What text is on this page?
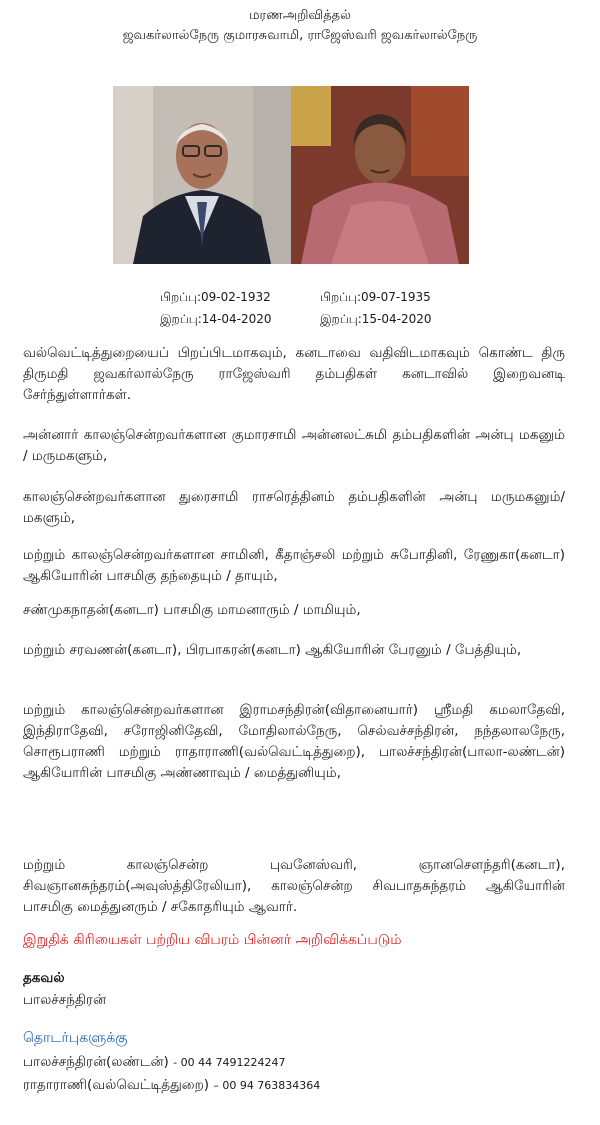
மரணஅறிவித்தல்
ஜவகர்லால்நேரு குமாரசுவாமி, ராஜேஸ்வரி ஜவகர்லால்நேரு
பிறப்பு:09-02-1932
இறப்பு:14-04-2020
பிறப்பு:09-07-1935
இறப்பு:15-04-2020
வல்வெட்டித்துறையைப் பிறப்பிடமாகவும், கனடாவை வதிவிடமாகவும் கொண்ட திரு திருமதி ஜவகர்லால்நேரு ராஜேஸ்வரி தம்பதிகள் கனடாவில் இறைவனடி சேர்ந்துள்ளார்கள்.
அன்னார் காலஞ்சென்றவர்களான குமாரசாமி அன்னலட்சுமி தம்பதிகளின் அன்பு மகனும் / மருமகளும்,
காலஞ்சென்றவர்களான துரைசாமி ராசரெத்தினம் தம்பதிகளின் அன்பு மருமகனும்/ மகளும்,
மற்றும் காலஞ்சென்றவர்களான சாமினி, கீதாஞ்சலி மற்றும் சுபோதினி, ரேணுகா(கனடா) ஆகியோரின் பாசமிகு தந்தையும் / தாயும்,
சண்முகநாதன்(கனடா) பாசமிகு மாமனாரும் / மாமியும்,
மற்றும் சரவணன்(கனடா), பிரபாகரன்(கனடா) ஆகியோரின் பேரனும் / பேத்தியும்,
மற்றும் காலஞ்சென்றவர்களான இராமசந்திரன்(விதானையார்) ஸ்ரீமதி கமலாதேவி, இந்திராதேவி, சரோஜினிதேவி, மோதிலால்நேரு, செல்வச்சந்திரன், நந்தலாலநேரு, சொரூபராணி மற்றும் ராதாராணி(வல்வெட்டித்துறை), பாலச்சந்திரன்(பாலா-லண்டன்) ஆகியோரின் பாசமிகு அண்ணாவும் / மைத்துனியும்,
மற்றும் காலஞ்சென்ற புவனேஸ்வரி, ஞானசௌந்தரி(கனடா), சிவஞானசுந்தரம்(அவுஸ்த்திரேலியா), காலஞ்சென்ற சிவபாதசுந்தரம் ஆகியோரின் பாசமிகு மைத்துனரும் / சகோதரியும் ஆவார்.
இறுதிக் கிரியைகள் பற்றிய விபரம் பின்னர் அறிவிக்கப்படும்
தகவல்
பாலச்சந்திரன்
தொடர்புகளுக்கு
பாலச்சந்திரன்(லண்டன்) - 00 44 7491224247
ராதாராணி(வல்வெட்டித்துறை) – 00 94 763834364
